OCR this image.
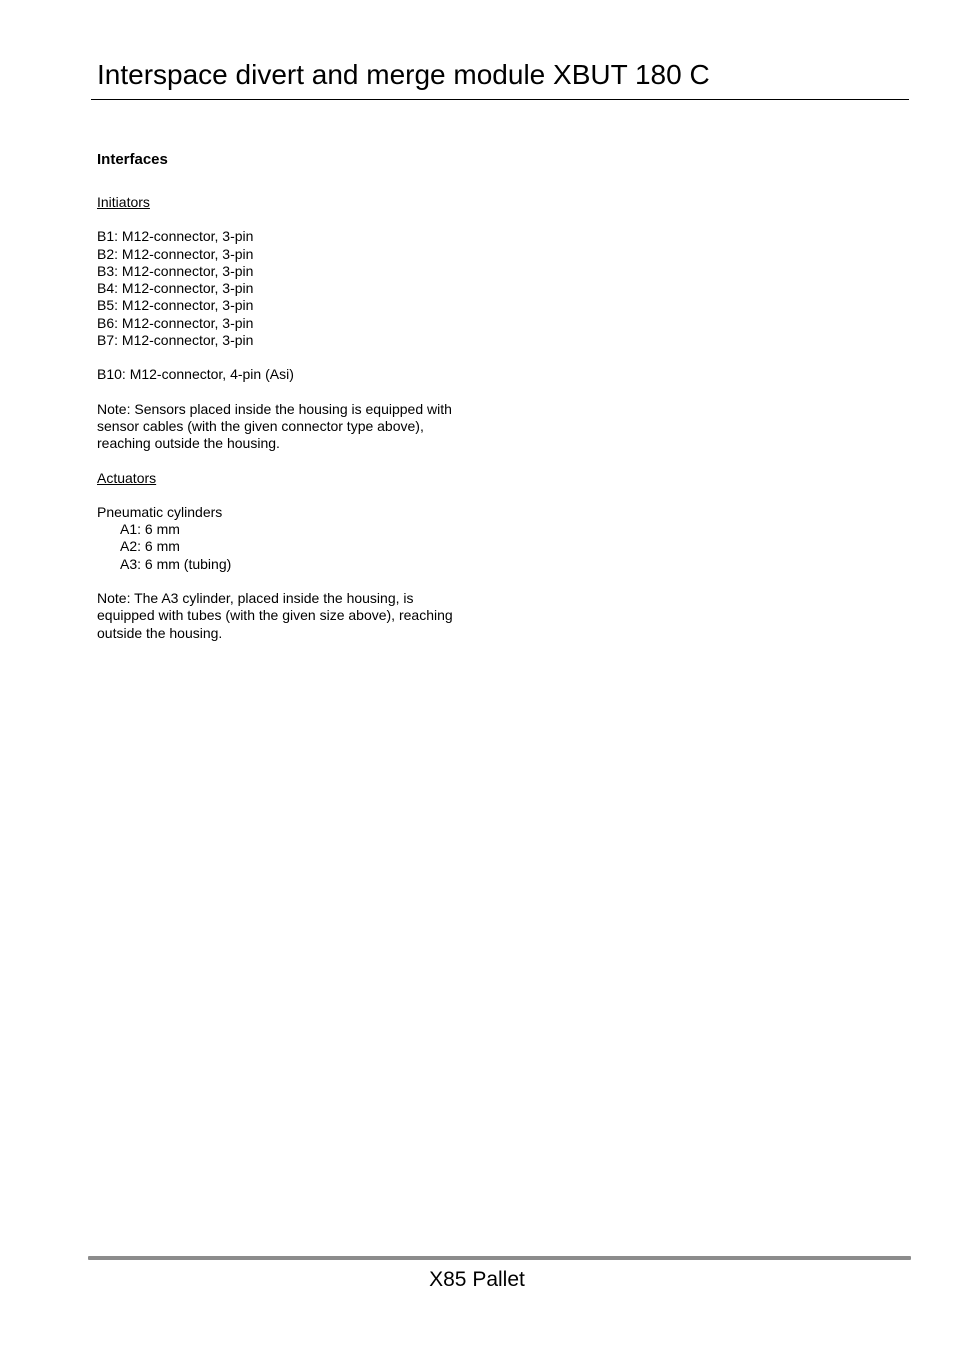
Interspace divert and merge module XBUT 180 C
Interfaces
Initiators
B1: M12-connector, 3-pin
B2: M12-connector, 3-pin
B3: M12-connector, 3-pin
B4: M12-connector, 3-pin
B5: M12-connector, 3-pin
B6: M12-connector, 3-pin
B7: M12-connector, 3-pin
B10: M12-connector, 4-pin (Asi)
Note: Sensors placed inside the housing is equipped with
sensor cables (with the given connector type above),
reaching outside the housing.
Actuators
Pneumatic cylinders
A1: 6 mm
A2: 6 mm
A3: 6 mm (tubing)
Note: The A3 cylinder, placed inside the housing, is
equipped with tubes (with the given size above), reaching
outside the housing.
X85 Pallet
